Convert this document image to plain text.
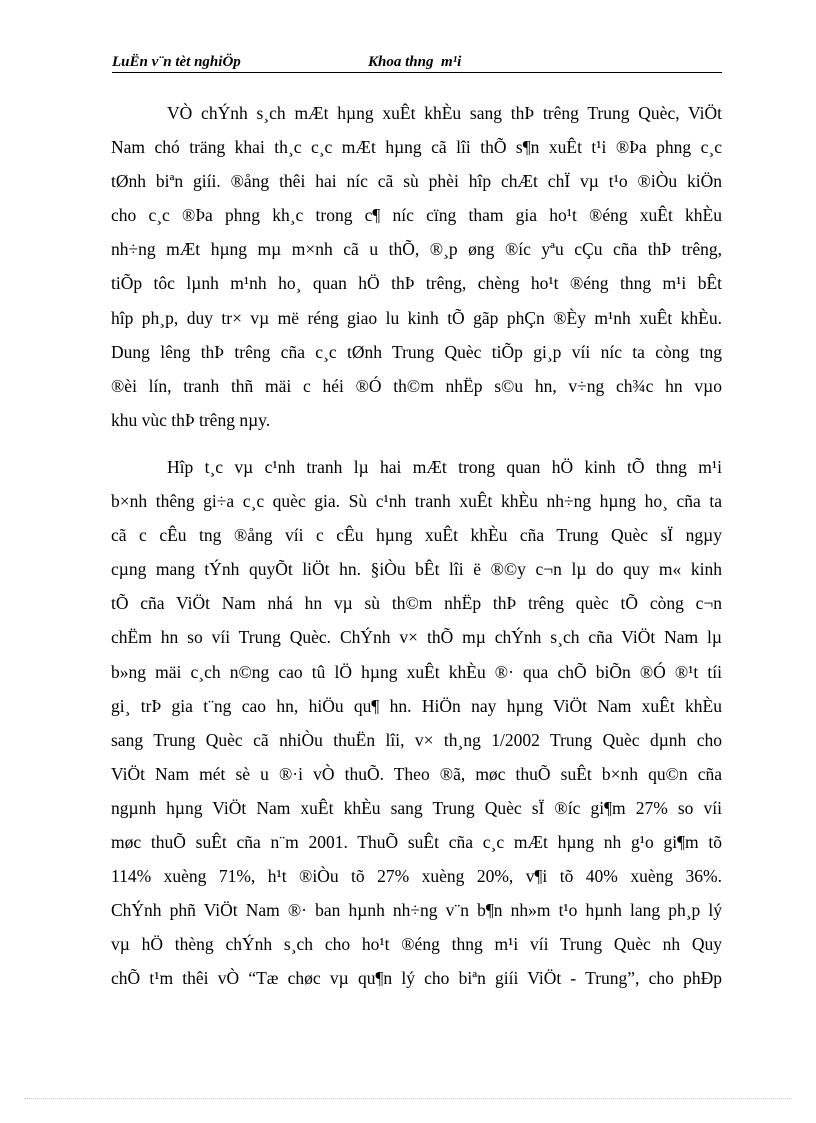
LuËn v¨n tèt nghiÖp	Khoa thng  m¹i
VÒ chÝnh s¸ch mÆt hµng xuÊt khÈu sang thÞ trêng Trung Quèc, ViÖt
Nam chó träng khai th¸c c¸c mÆt hµng cã lîi thÕ s¶n xuÊt t¹i ®Þa phng c¸c
tØnh biªn giíi. ®ång thêi hai níc cã sù phèi hîp chÆt chÏ vµ t¹o ®iÒu kiÖn
cho c¸c ®Þa phng kh¸c trong c¶ níc cïng tham gia ho¹t ®éng xuÊt khÈu
nh÷ng mÆt hµng mµ m×nh cã u thÕ, ®¸p øng ®íc yªu cÇu cña thÞ trêng,
tiÕp tôc lµnh m¹nh ho¸ quan hÖ thÞ trêng, chèng ho¹t ®éng thng m¹i bÊt
hîp ph¸p, duy tr× vµ më réng giao lu kinh tÕ gãp phÇn ®Èy m¹nh xuÊt khÈu.
Dung lêng thÞ trêng cña c¸c tØnh Trung Quèc tiÕp gi¸p víi níc ta còng tng
®èi lín, tranh thñ mäi c héi ®Ó th©m nhËp s©u hn, v÷ng ch¾c hn vµo
khu vùc thÞ trêng nµy.
Hîp t¸c vµ c¹nh tranh lµ hai mÆt trong quan hÖ kinh tÕ thng m¹i
b×nh thêng gi÷a c¸c quèc gia. Sù c¹nh tranh xuÊt khÈu nh÷ng hµng ho¸ cña ta
cã c cÊu tng ®ång víi c cÊu hµng xuÊt khÈu cña Trung Quèc sÏ ngµy
cµng mang tÝnh quyÕt liÖt hn. §iÒu bÊt lîi ë ®©y c¬n lµ do quy m« kinh
tÕ cña ViÖt Nam nhá hn vµ sù th©m nhËp thÞ trêng quèc tÕ còng c¬n
chËm hn so víi Trung Quèc. ChÝnh v× thÕ mµ chÝnh s¸ch cña ViÖt Nam lµ
b»ng mäi c¸ch n©ng cao tû lÖ hµng xuÊt khÈu ®· qua chÕ biÕn ®Ó ®¹t tíi
gi¸ trÞ gia t¨ng cao hn, hiÖu qu¶ hn. HiÖn nay hµng ViÖt Nam xuÊt khÈu
sang Trung Quèc cã nhiÒu thuËn lîi, v× th¸ng 1/2002 Trung Quèc dµnh cho
ViÖt Nam mét sè u ®·i vÒ thuÕ. Theo ®ã, møc thuÕ suÊt b×nh qu©n cña
ngµnh hµng ViÖt Nam xuÊt khÈu sang Trung Quèc sÏ ®íc gi¶m 27% so víi
møc thuÕ suÊt cña n¨m 2001. ThuÕ suÊt cña c¸c mÆt hµng nh g¹o gi¶m tõ
114% xuèng 71%, h¹t ®iÒu tõ 27% xuèng 20%, v¶i tõ 40% xuèng 36%.
ChÝnh phñ ViÖt Nam ®· ban hµnh nh÷ng v¨n b¶n nh»m t¹o hµnh lang ph¸p lý
vµ hÖ thèng chÝnh s¸ch cho ho¹t ®éng thng m¹i víi Trung Quèc nh Quy
chÕ t¹m thêi vÒ “Tæ chøc vµ qu¶n lý cho biªn giíi ViÖt - Trung”, cho phÐp
